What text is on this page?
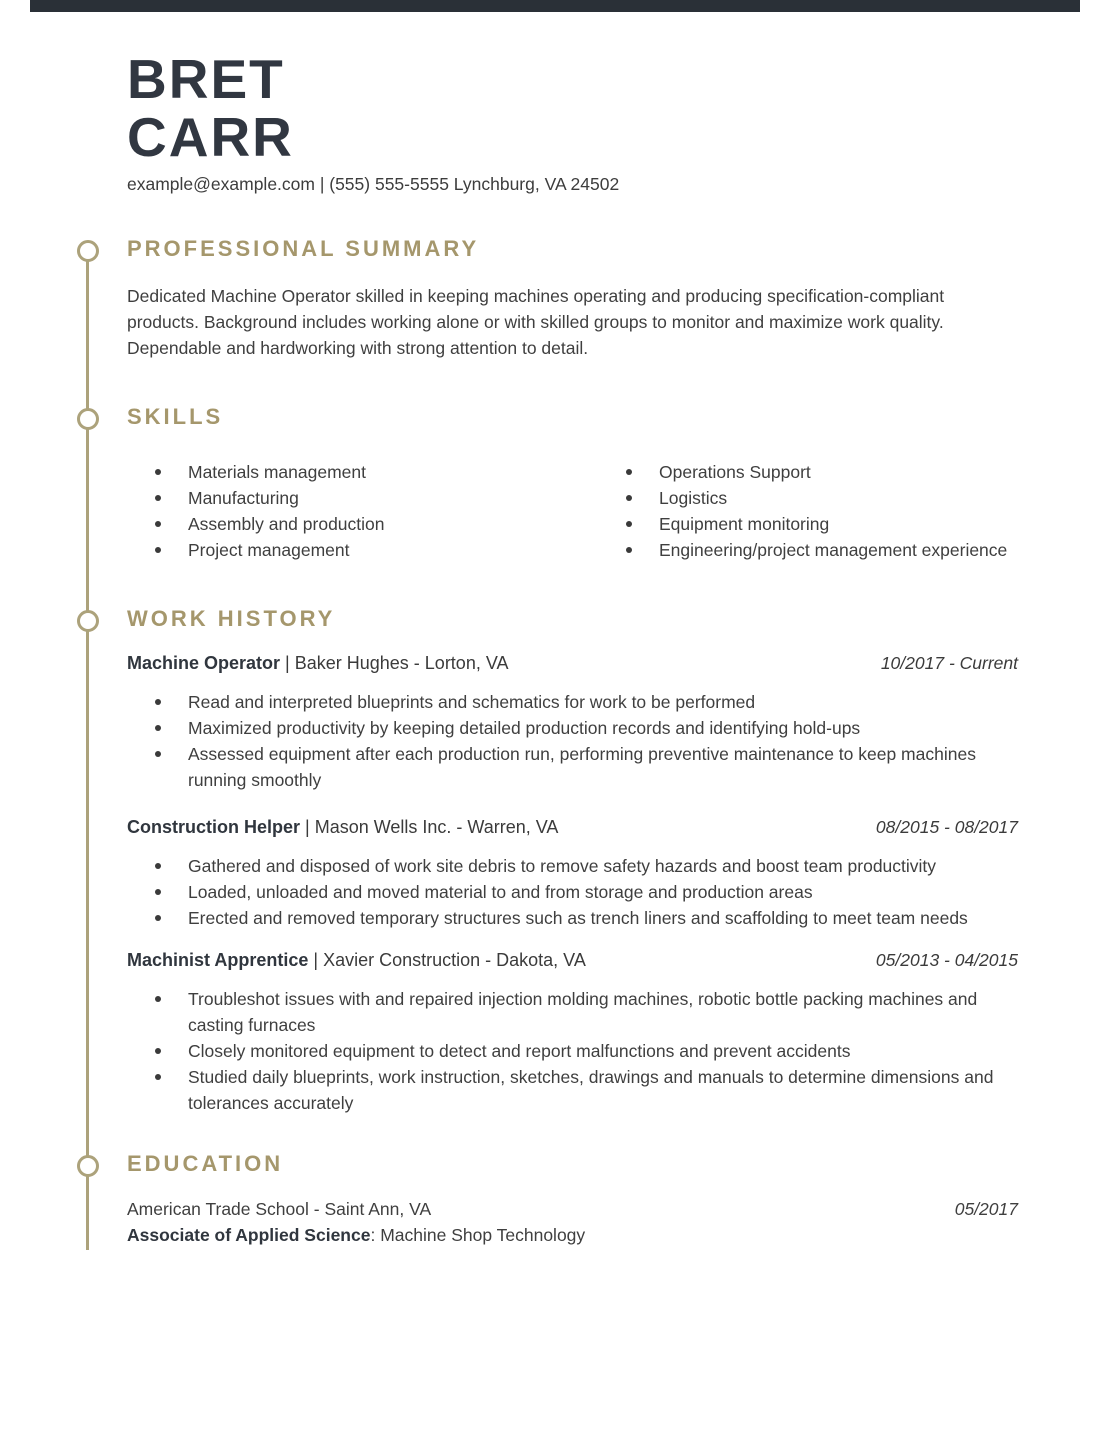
BRET
CARR
example@example.com | (555) 555-5555 Lynchburg, VA 24502
PROFESSIONAL SUMMARY
Dedicated Machine Operator skilled in keeping machines operating and producing specification-compliant products. Background includes working alone or with skilled groups to monitor and maximize work quality. Dependable and hardworking with strong attention to detail.
SKILLS
Materials management
Manufacturing
Assembly and production
Project management
Operations Support
Logistics
Equipment monitoring
Engineering/project management experience
WORK HISTORY
Machine Operator | Baker Hughes - Lorton, VA	10/2017 - Current
Read and interpreted blueprints and schematics for work to be performed
Maximized productivity by keeping detailed production records and identifying hold-ups
Assessed equipment after each production run, performing preventive maintenance to keep machines running smoothly
Construction Helper | Mason Wells Inc. - Warren, VA	08/2015 - 08/2017
Gathered and disposed of work site debris to remove safety hazards and boost team productivity
Loaded, unloaded and moved material to and from storage and production areas
Erected and removed temporary structures such as trench liners and scaffolding to meet team needs
Machinist Apprentice | Xavier Construction - Dakota, VA	05/2013 - 04/2015
Troubleshot issues with and repaired injection molding machines, robotic bottle packing machines and casting furnaces
Closely monitored equipment to detect and report malfunctions and prevent accidents
Studied daily blueprints, work instruction, sketches, drawings and manuals to determine dimensions and tolerances accurately
EDUCATION
American Trade School - Saint Ann, VA	05/2017
Associate of Applied Science: Machine Shop Technology
